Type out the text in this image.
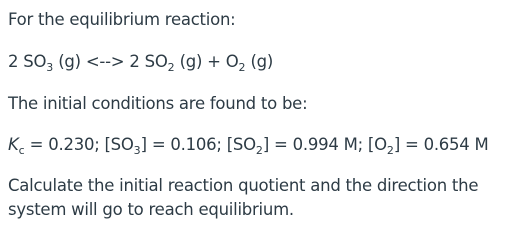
For the equilibrium reaction:
2 $SO_3$ (g) <--> 2 $SO_2$ $(g) + O_2$ (g)
The initial conditions are found to be:
$K_c = 0.230$; $[SO_3] = 0.106$; $[SO_2] = 0.994$ M; $[O_2] = 0.654$ M
Calculate the initial reaction quotient and the direction the
system will go to reach equilibrium.
